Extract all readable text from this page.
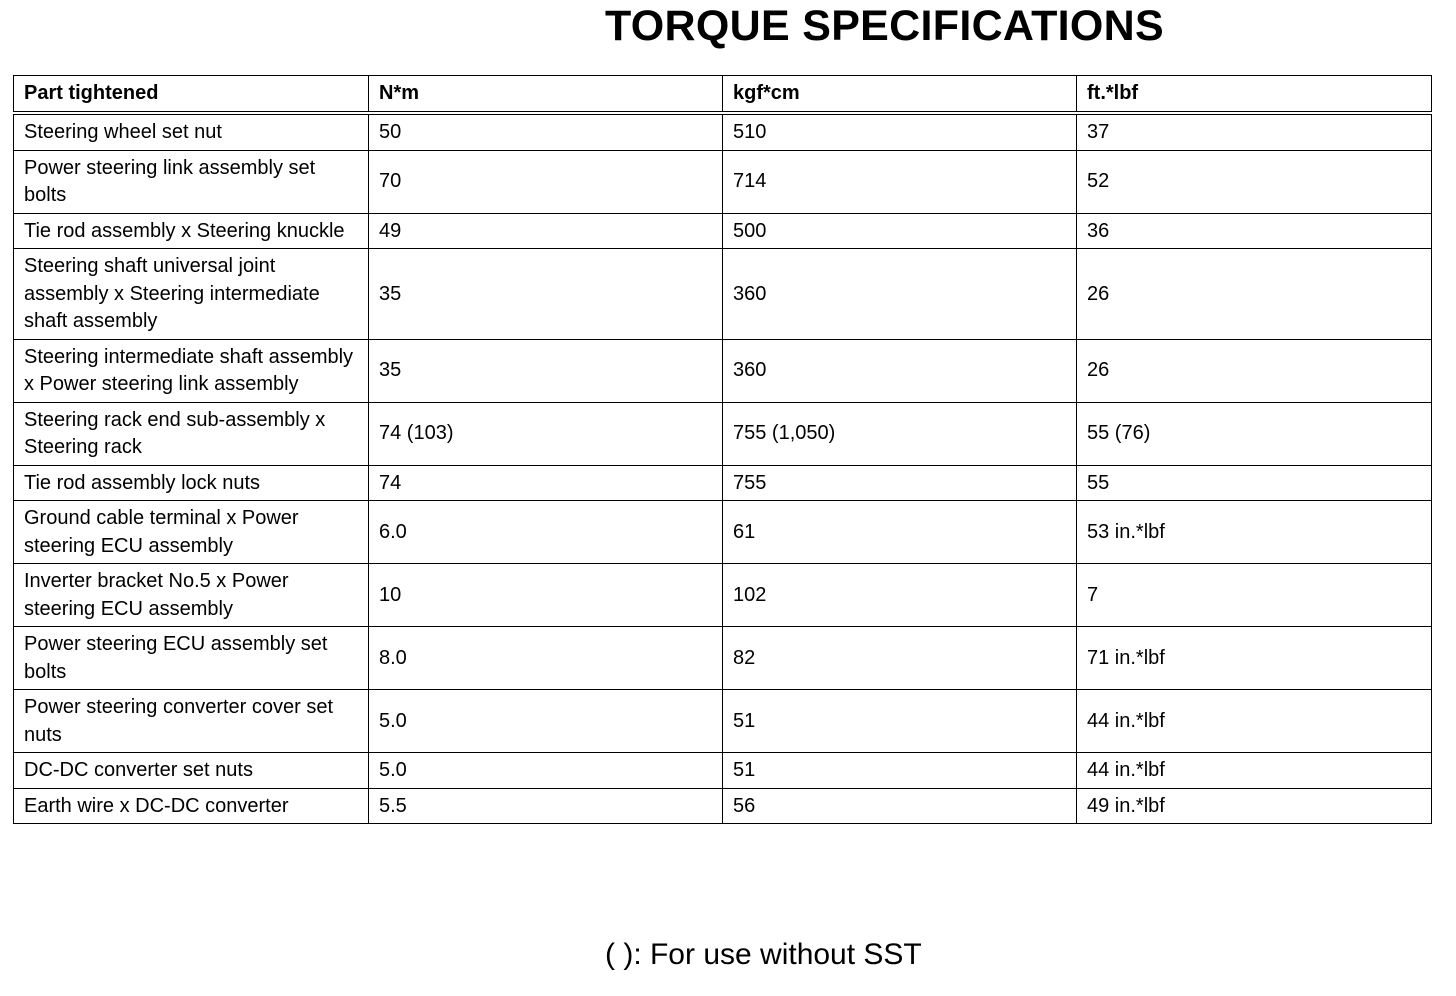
TORQUE SPECIFICATIONS
Part tightened	N*m	kgf*cm	ft.*lbf
Steering wheel set nut	50	510	37
Power steering link assembly set bolts	70	714	52
Tie rod assembly x Steering knuckle	49	500	36
Steering shaft universal joint assembly x Steering intermediate shaft assembly	35	360	26
Steering intermediate shaft assembly x Power steering link assembly	35	360	26
Steering rack end sub-assembly x Steering rack	74 (103)	755 (1,050)	55 (76)
Tie rod assembly lock nuts	74	755	55
Ground cable terminal x Power steering ECU assembly	6.0	61	53 in.*lbf
Inverter bracket No.5 x Power steering ECU assembly	10	102	7
Power steering ECU assembly set bolts	8.0	82	71 in.*lbf
Power steering converter cover set nuts	5.0	51	44 in.*lbf
DC-DC converter set nuts	5.0	51	44 in.*lbf
Earth wire x DC-DC converter	5.5	56	49 in.*lbf
( ): For use without SST
